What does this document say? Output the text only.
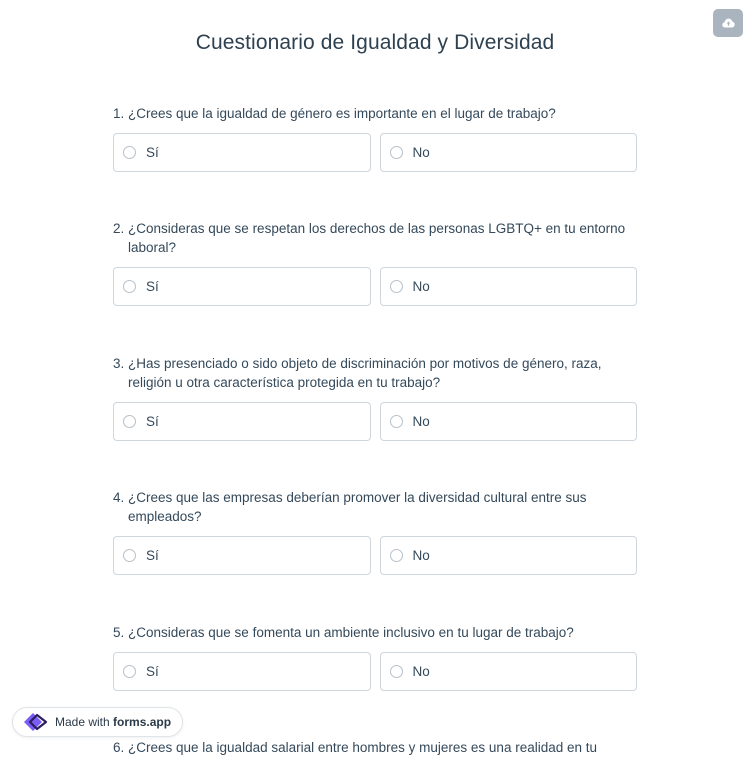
Cuestionario de Igualdad y Diversidad
1. ¿Crees que la igualdad de género es importante en el lugar de trabajo?
Sí	No
2. ¿Consideras que se respetan los derechos de las personas LGBTQ+ en tu entorno laboral?
Sí	No
3. ¿Has presenciado o sido objeto de discriminación por motivos de género, raza, religión u otra característica protegida en tu trabajo?
Sí	No
4. ¿Crees que las empresas deberían promover la diversidad cultural entre sus empleados?
Sí	No
5. ¿Consideras que se fomenta un ambiente inclusivo en tu lugar de trabajo?
Sí	No
6. ¿Crees que la igualdad salarial entre hombres y mujeres es una realidad en tu
Made with forms.app
